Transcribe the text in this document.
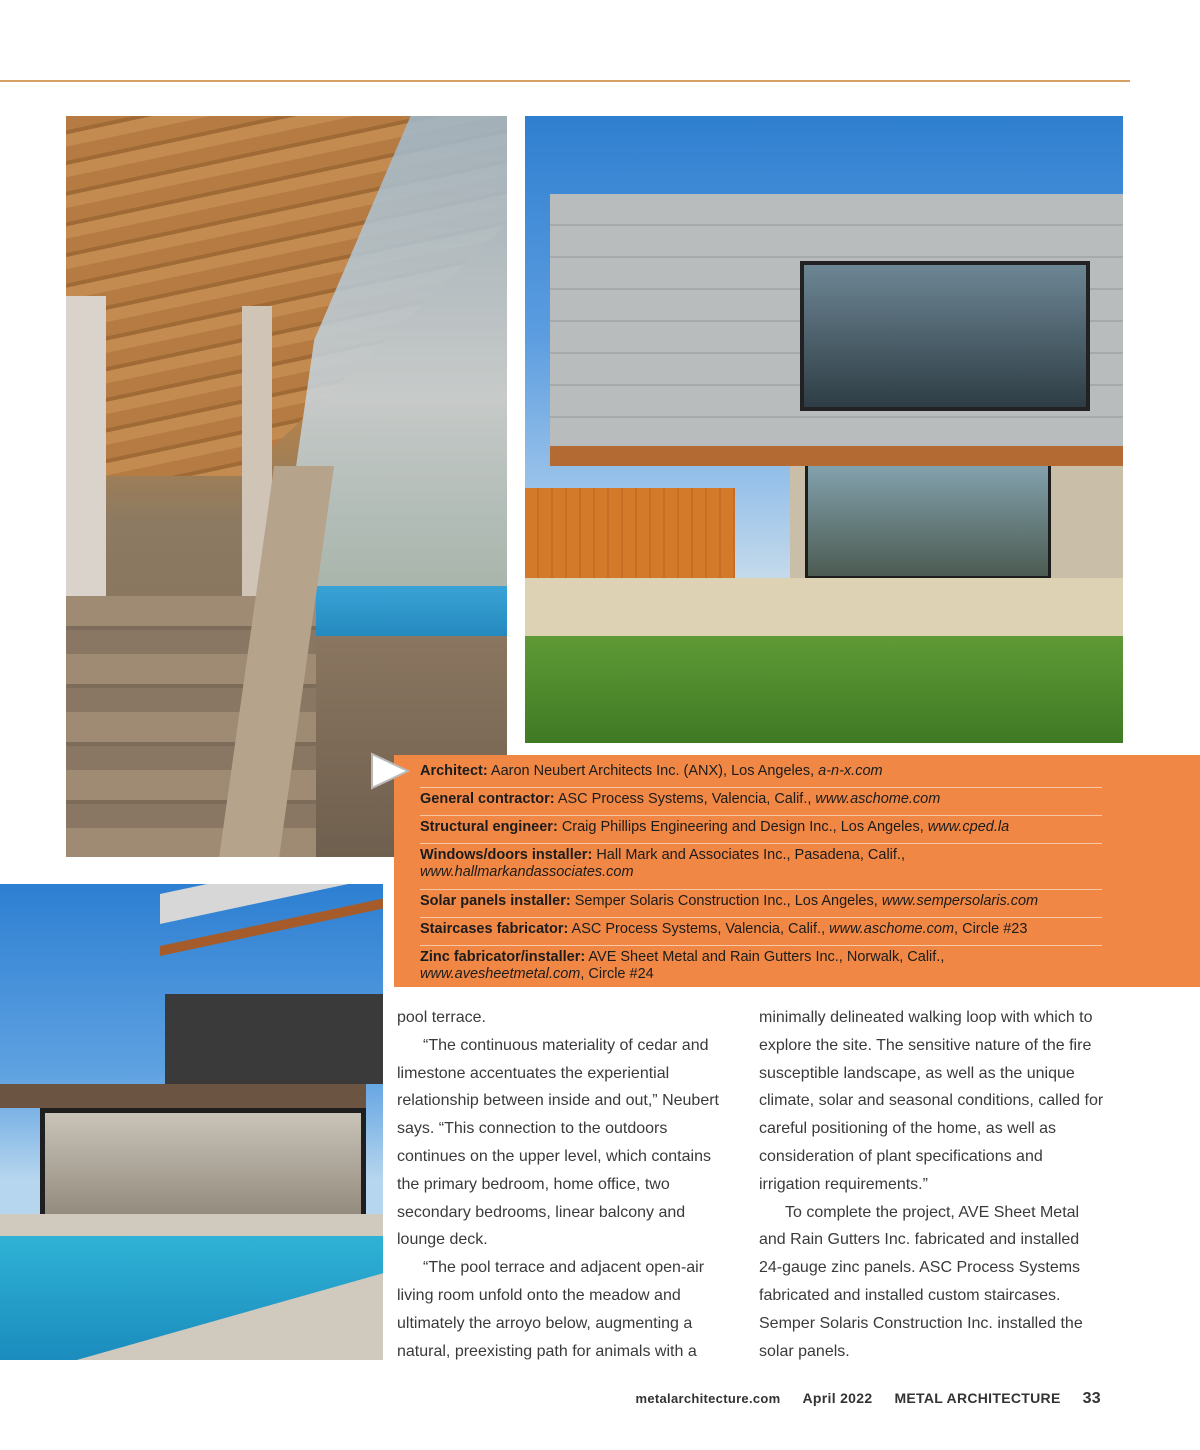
Architect: Aaron Neubert Architects Inc. (ANX), Los Angeles, a-n-x.com
General contractor: ASC Process Systems, Valencia, Calif., www.aschome.com
Structural engineer: Craig Phillips Engineering and Design Inc., Los Angeles, www.cped.la
Windows/doors installer: Hall Mark and Associates Inc., Pasadena, Calif.,
www.hallmarkandassociates.com
Solar panels installer: Semper Solaris Construction Inc., Los Angeles, www.sempersolaris.com
Staircases fabricator: ASC Process Systems, Valencia, Calif., www.aschome.com, Circle #23
Zinc fabricator/installer: AVE Sheet Metal and Rain Gutters Inc., Norwalk, Calif.,
www.avesheetmetal.com, Circle #24

pool terrace.

“The continuous materiality of cedar and limestone accentuates the experiential relationship between inside and out,” Neubert says. “This connection to the outdoors continues on the upper level, which contains the primary bedroom, home office, two secondary bedrooms, linear balcony and lounge deck.

“The pool terrace and adjacent open-air living room unfold onto the meadow and ultimately the arroyo below, augmenting a natural, preexisting path for animals with a

minimally delineated walking loop with which to explore the site. The sensitive nature of the fire susceptible landscape, as well as the unique climate, solar and seasonal conditions, called for careful positioning of the home, as well as consideration of plant specifications and irrigation requirements.”

To complete the project, AVE Sheet Metal and Rain Gutters Inc. fabricated and installed 24-gauge zinc panels. ASC Process Systems fabricated and installed custom staircases. Semper Solaris Construction Inc. installed the solar panels.

metalarchitecture.com April 2022 METAL ARCHITECTURE 33
